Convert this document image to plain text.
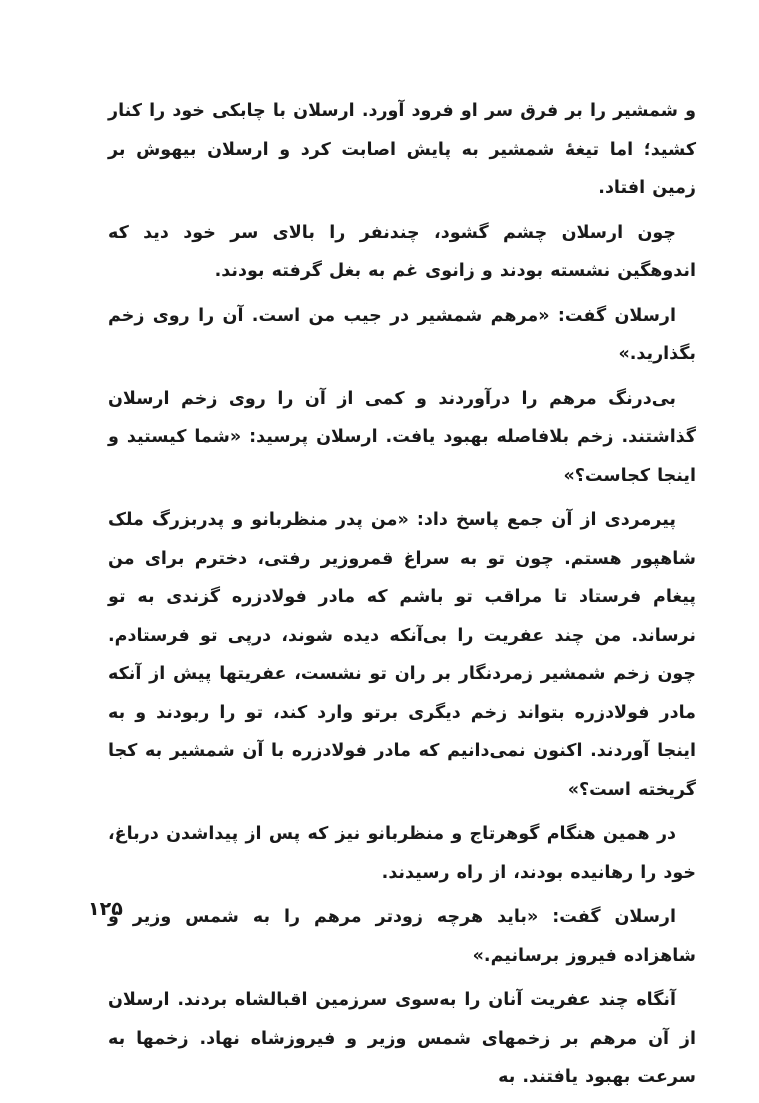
و شمشیر را بر فرق سر او فرود آورد. ارسلان با چابکی خود را کنار کشید؛ اما تیغهٔ شمشیر به پایش اصابت کرد و ارسلان بیهوش بر زمین افتاد.

چون ارسلان چشم گشود، چندنفر را بالای سر خود دید که اندوهگین نشسته بودند و زانوی غم به بغل گرفته بودند.

ارسلان گفت: «مرهم شمشیر در جیب من است. آن را روی زخم بگذارید.»

بی‌درنگ مرهم را درآوردند و کمی از آن را روی زخم ارسلان گذاشتند. زخم بلافاصله بهبود یافت. ارسلان پرسید: «شما کیستید و اینجا کجاست؟»

پیرمردی از آن جمع پاسخ داد: «من پدر منظربانو و پدربزرگ ملک شاهپور هستم. چون تو به سراغ قمروزیر رفتی، دخترم برای من پیغام فرستاد تا مراقب تو باشم که مادر فولادزره گزندی به تو نرساند. من چند عفریت را بی‌آنکه دیده شوند، درپی تو فرستادم. چون زخم شمشیر زمردنگار بر ران تو نشست، عفریتها پیش از آنکه مادر فولادزره بتواند زخم دیگری برتو وارد کند، تو را ربودند و به اینجا آوردند. اکنون نمی‌دانیم که مادر فولادزره با آن شمشیر به کجا گریخته است؟»

در همین هنگام گوهرتاج و منظربانو نیز که پس از پیداشدن درباغ، خود را رهانیده بودند، از راه رسیدند.

ارسلان گفت: «باید هرچه زودتر مرهم را به شمس وزیر و شاهزاده فیروز برسانیم.»

آنگاه چند عفریت آنان را به‌سوی سرزمین اقبالشاه بردند. ارسلان از آن مرهم بر زخمهای شمس وزیر و فیروزشاه نهاد. زخمها به سرعت بهبود یافتند. به

۱۲۵
